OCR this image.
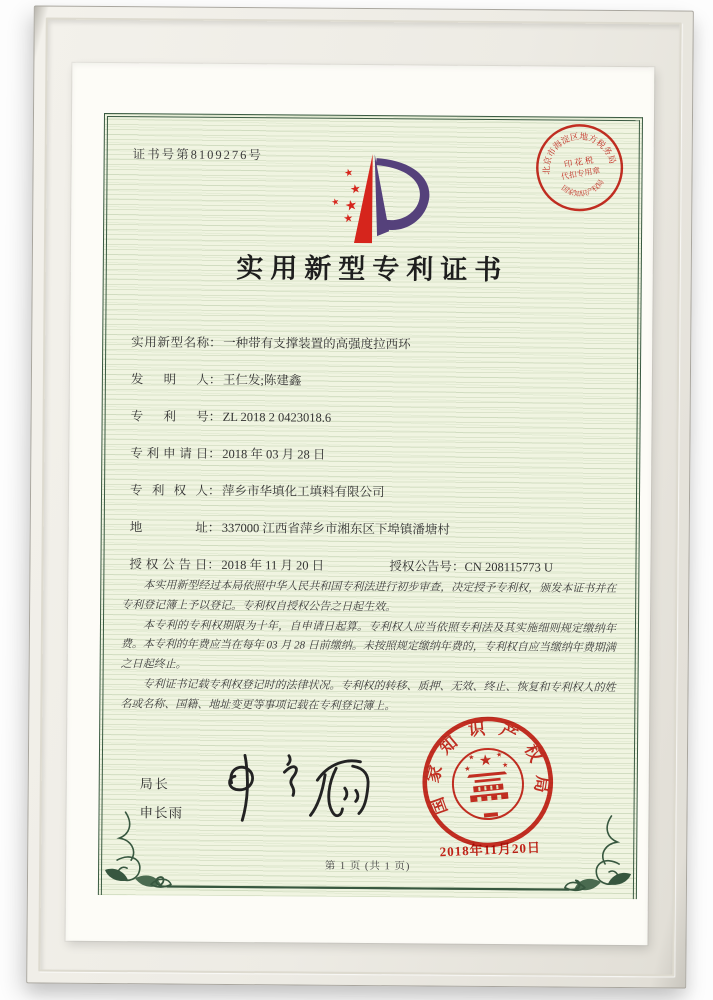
证书号第8109276号
北京市海淀区地方税务局
国家知识产权局
印 花 税
代扣专用章
★
★
★
★
★
实用新型专利证书
实用新型名称：一种带有支撑装置的高强度拉西环
发明人：王仁发;陈建鑫
专利号：ZL 2018 2 0423018.6
专利申请日：2018 年 03 月 28 日
专利权人：萍乡市华填化工填料有限公司
地址：337000 江西省萍乡市湘东区下埠镇潘塘村
授权公告日：2018 年 11 月 20 日	授权公告号：CN 208115773 U

本实用新型经过本局依照中华人民共和国专利法进行初步审查，决定授予专利权，颁发本证书并在专利登记簿上予以登记。专利权自授权公告之日起生效。

本专利的专利权期限为十年，自申请日起算。专利权人应当依照专利法及其实施细则规定缴纳年费。本专利的年费应当在每年 03 月 28 日前缴纳。未按照规定缴纳年费的，专利权自应当缴纳年费期满之日起终止。

专利证书记载专利权登记时的法律状况。专利权的转移、质押、无效、终止、恢复和专利权人的姓名或名称、国籍、地址变更等事项记载在专利登记簿上。

局长
申长雨	国家知识产权局
★
★	★
★	★
2018年11月20日
第 1 页 (共 1 页)
